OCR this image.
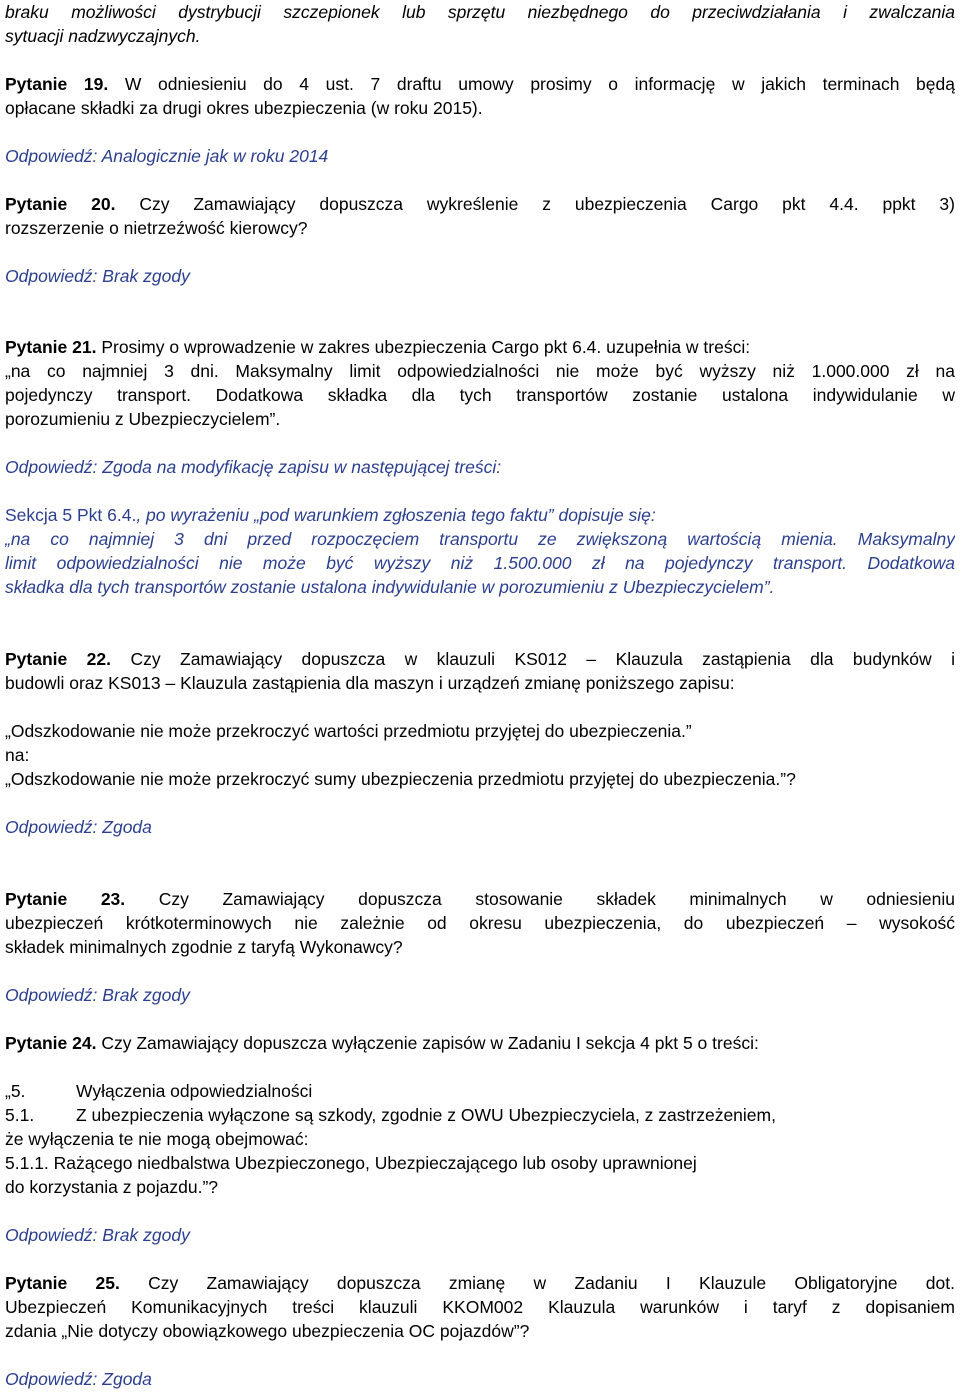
braku możliwości dystrybucji szczepionek lub sprzętu niezbędnego do przeciwdziałania i zwalczania
sytuacji nadzwyczajnych.
Pytanie 19. W odniesieniu do 4 ust. 7 draftu umowy prosimy o informację w jakich terminach będą
opłacane składki za drugi okres ubezpieczenia (w roku 2015).
Odpowiedź: Analogicznie jak w roku 2014
Pytanie 20. Czy Zamawiający dopuszcza wykreślenie z ubezpieczenia Cargo pkt 4.4. ppkt 3)
rozszerzenie o nietrzeźwość kierowcy?
Odpowiedź: Brak zgody
Pytanie 21. Prosimy o wprowadzenie w zakres ubezpieczenia Cargo pkt 6.4. uzupełnia w treści:
„na co najmniej 3 dni. Maksymalny limit odpowiedzialności nie może być wyższy niż 1.000.000 zł na
pojedynczy transport. Dodatkowa składka dla tych transportów zostanie ustalona indywidulanie w
porozumieniu z Ubezpieczycielem”.
Odpowiedź: Zgoda na modyfikację zapisu w następującej treści:
Sekcja 5 Pkt 6.4., po wyrażeniu „pod warunkiem zgłoszenia tego faktu” dopisuje się:
„na co najmniej 3 dni przed rozpoczęciem transportu ze zwiększoną wartością mienia. Maksymalny
limit odpowiedzialności nie może być wyższy niż 1.500.000 zł na pojedynczy transport. Dodatkowa
składka dla tych transportów zostanie ustalona indywidulanie w porozumieniu z Ubezpieczycielem”.
Pytanie 22. Czy Zamawiający dopuszcza w klauzuli KS012 – Klauzula zastąpienia dla budynków i
budowli oraz KS013 – Klauzula zastąpienia dla maszyn i urządzeń zmianę poniższego zapisu:
„Odszkodowanie nie może przekroczyć wartości przedmiotu przyjętej do ubezpieczenia.”
na:
„Odszkodowanie nie może przekroczyć sumy ubezpieczenia przedmiotu przyjętej do ubezpieczenia.”?
Odpowiedź: Zgoda
Pytanie 23. Czy Zamawiający dopuszcza stosowanie składek minimalnych w odniesieniu
ubezpieczeń krótkoterminowych nie zależnie od okresu ubezpieczenia, do ubezpieczeń – wysokość
składek minimalnych zgodnie z taryfą Wykonawcy?
Odpowiedź: Brak zgody
Pytanie 24. Czy Zamawiający dopuszcza wyłączenie zapisów w Zadaniu I sekcja 4 pkt 5 o treści:
„5.	Wyłączenia odpowiedzialności
5.1. Z ubezpieczenia wyłączone są szkody, zgodnie z OWU Ubezpieczyciela, z zastrzeżeniem,
że wyłączenia te nie mogą obejmować:
5.1.1. Rażącego niedbalstwa Ubezpieczonego, Ubezpieczającego lub osoby uprawnionej
do korzystania z pojazdu.”?
Odpowiedź: Brak zgody
Pytanie 25. Czy Zamawiający dopuszcza zmianę w Zadaniu I Klauzule Obligatoryjne dot.
Ubezpieczeń Komunikacyjnych treści klauzuli KKOM002 Klauzula warunków i taryf z dopisaniem
zdania „Nie dotyczy obowiązkowego ubezpieczenia OC pojazdów”?
Odpowiedź: Zgoda
